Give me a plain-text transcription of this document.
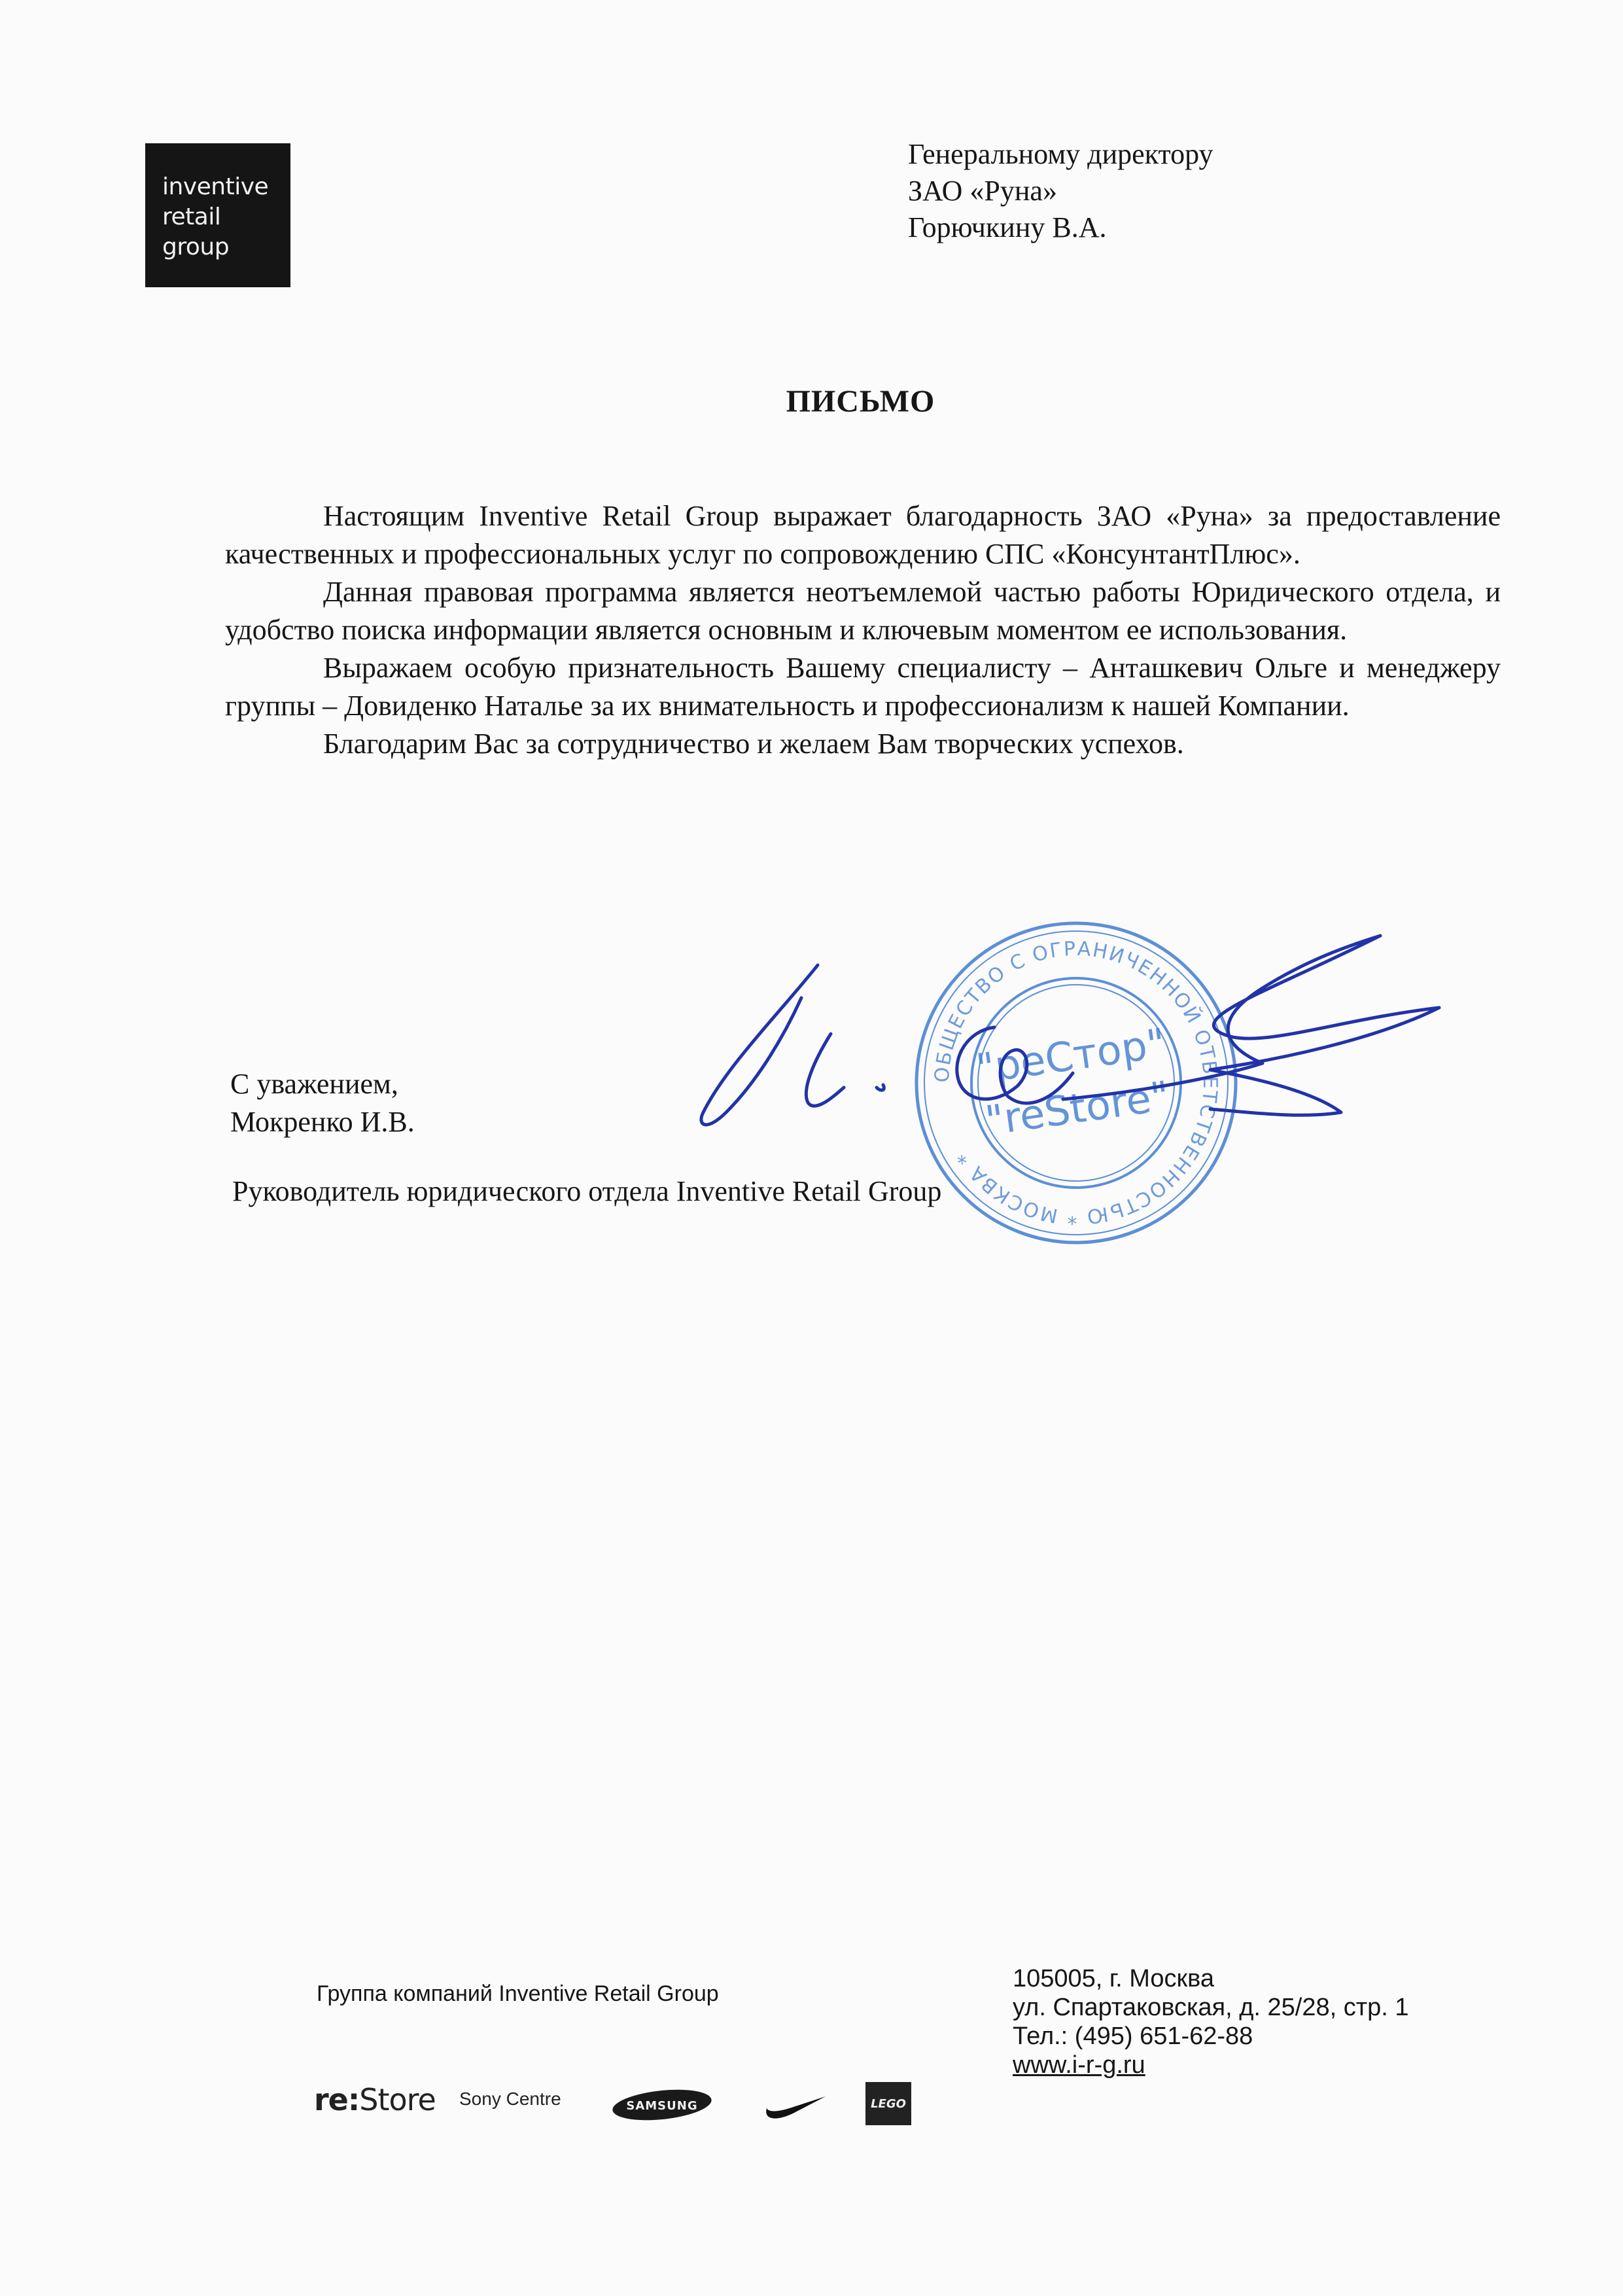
inventive
retail
group
Генеральному директору
ЗАО «Руна»
Горючкину В.А.
ПИСЬМО

Настоящим Inventive Retail Group выражает благодарность ЗАО «Руна» за предоставление качественных и профессиональных услуг по сопровождению СПС «КонсунтантПлюс».

Данная правовая программа является неотъемлемой частью работы Юридического отдела, и удобство поиска информации является основным и ключевым моментом ее использования.

Выражаем особую признательность Вашему специалисту – Анташкевич Ольге и менеджеру группы – Довиденко Наталье за их внимательность и профессионализм к нашей Компании.

Благодарим Вас за сотрудничество и желаем Вам творческих успехов.

ОБЩЕСТВО С ОГРАНИЧЕННОЙ ОТВЕТСТВЕННОСТЬЮ * МОСКВА *
"реСтор"
"reStore"
С уважением,
Мокренко И.В.
Руководитель юридического отдела Inventive Retail Group
Группа компаний Inventive Retail Group
105005, г. Москва
ул. Спартаковская, д. 25/28, стр. 1
Тел.: (495) 651-62-88
www.i-r-g.ru
re:Store Sony Centre	SAMSUNG	LEGO
